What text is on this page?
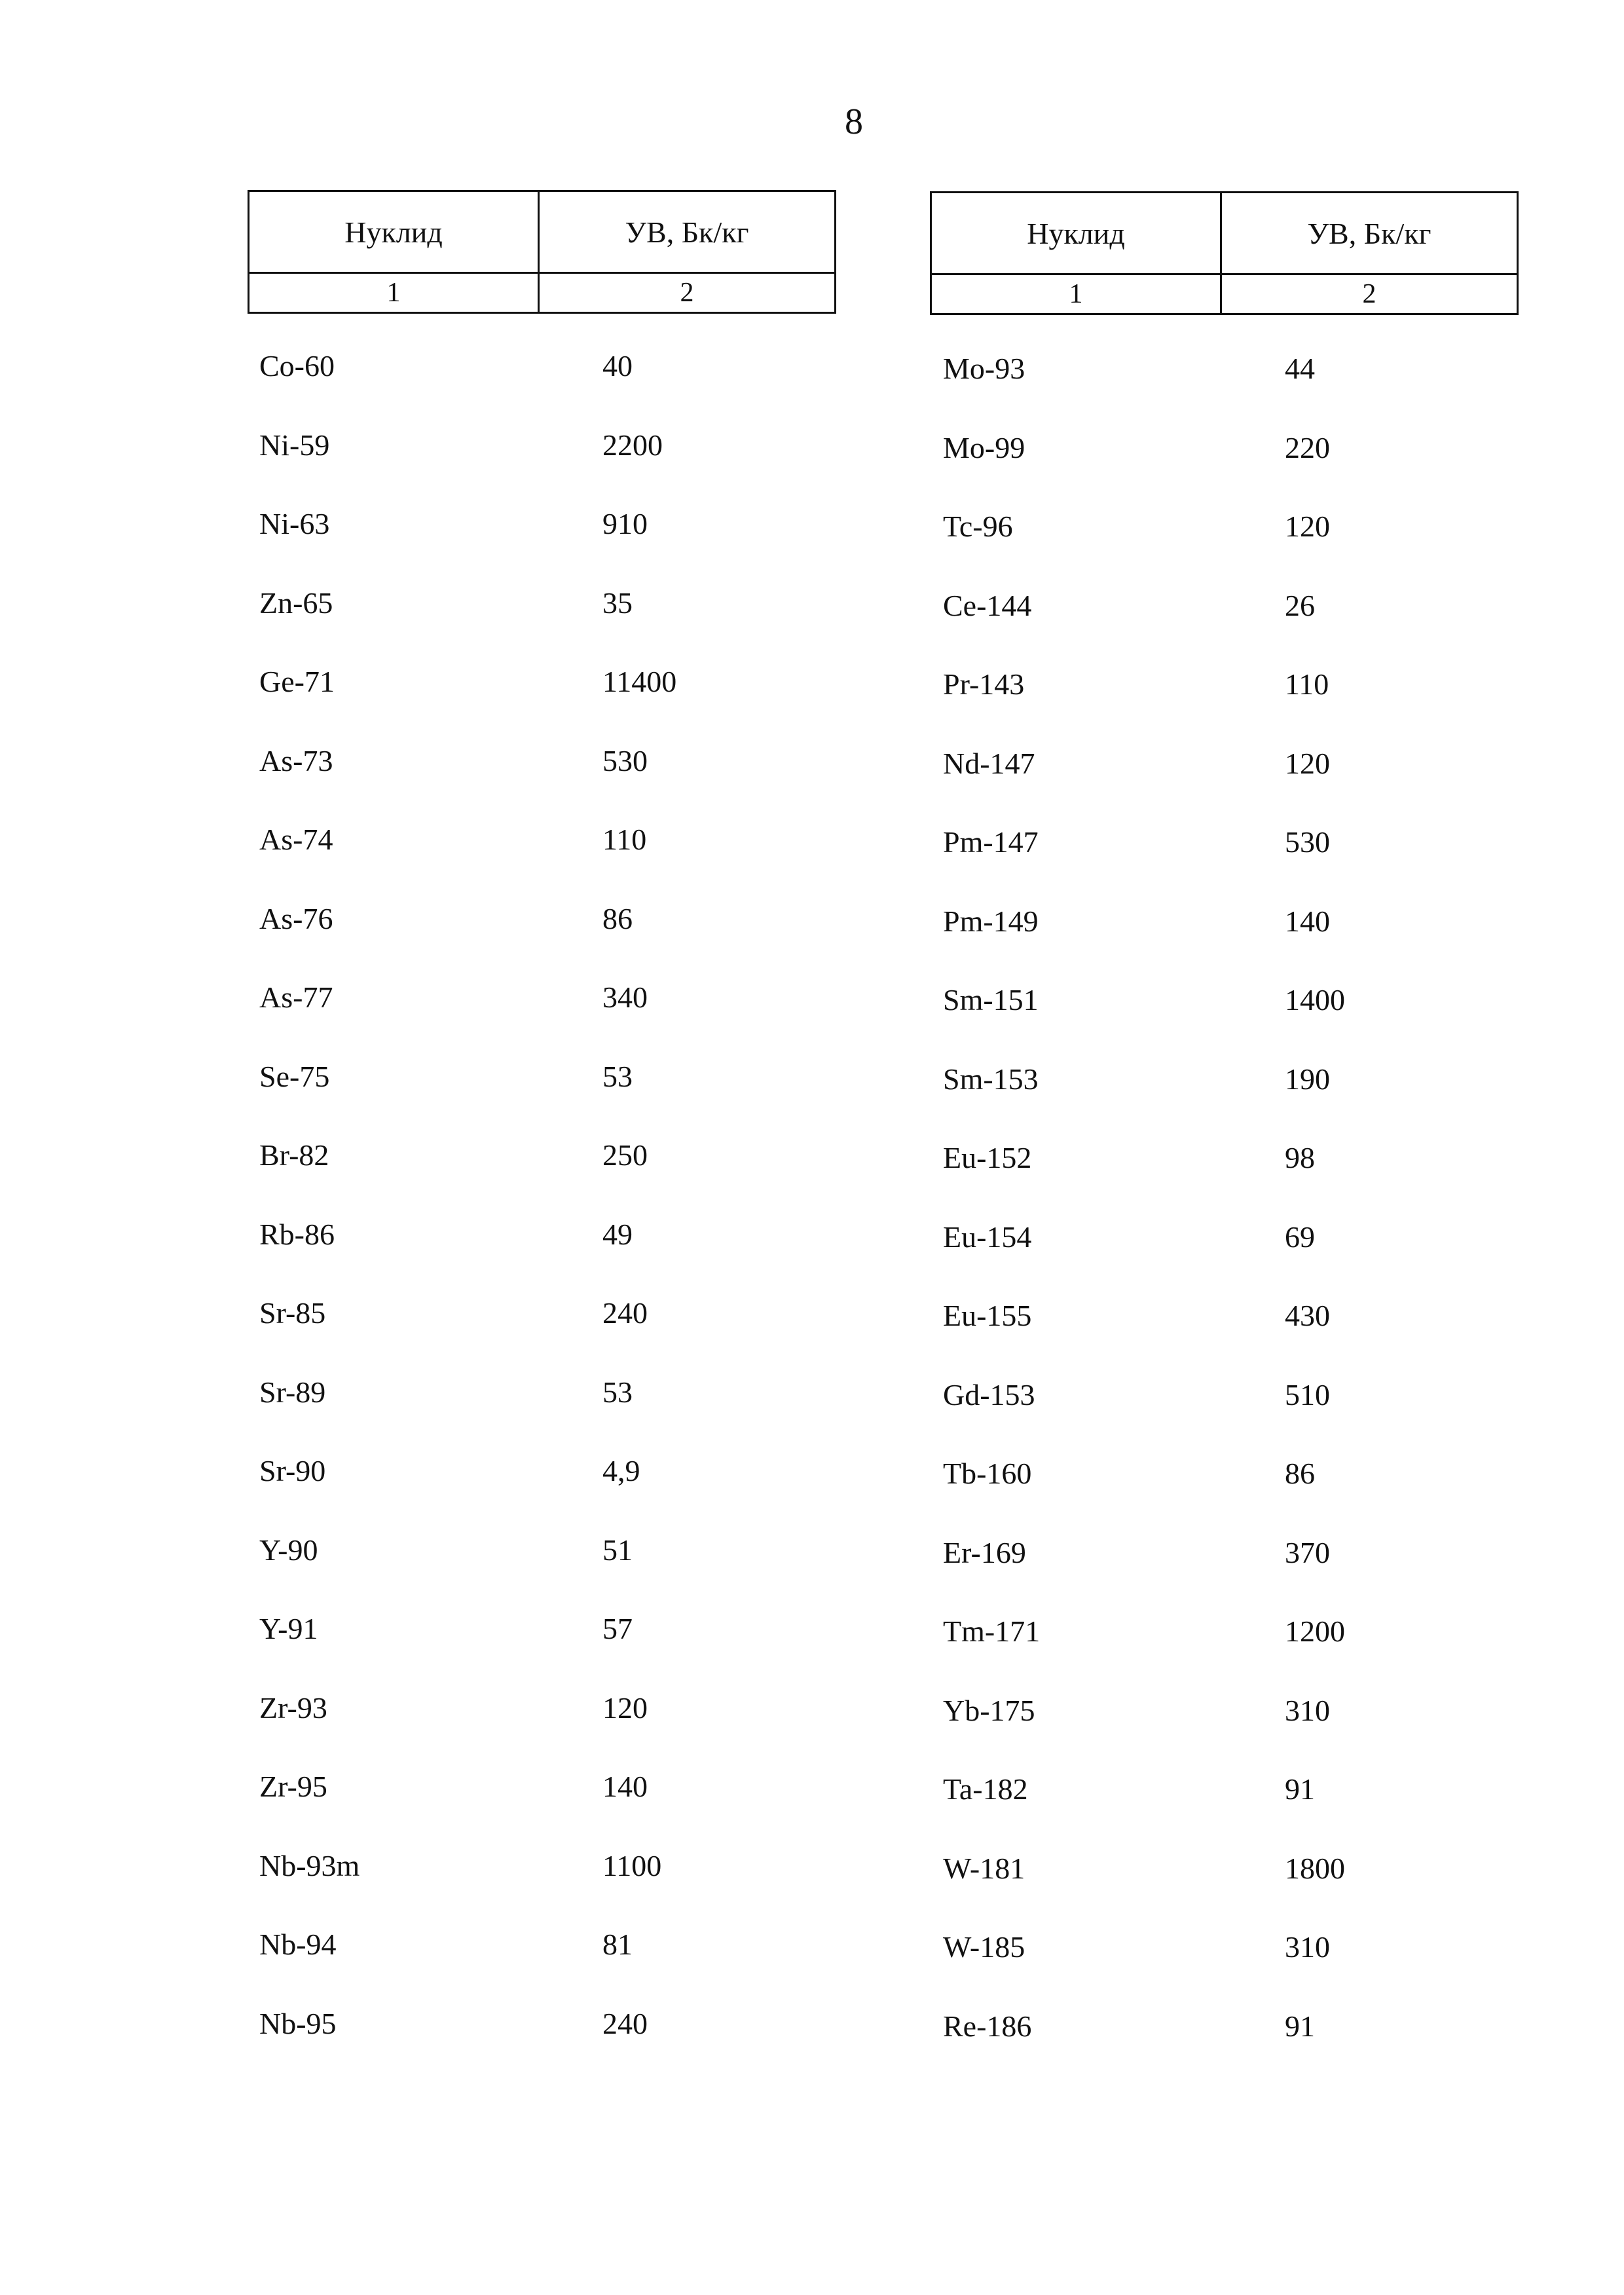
8
Нуклид	УВ, Бк/кг
1	2
Нуклид	УВ, Бк/кг
1	2
Co-60	40
Ni-59	2200
Ni-63	910
Zn-65	35
Ge-71	11400
As-73	530
As-74	110
As-76	86
As-77	340
Se-75	53
Br-82	250
Rb-86	49
Sr-85	240
Sr-89	53
Sr-90	4,9
Y-90	51
Y-91	57
Zr-93	120
Zr-95	140
Nb-93m	1100
Nb-94	81
Nb-95	240
Mo-93	44
Mo-99	220
Tc-96	120
Ce-144	26
Pr-143	110
Nd-147	120
Pm-147	530
Pm-149	140
Sm-151	1400
Sm-153	190
Eu-152	98
Eu-154	69
Eu-155	430
Gd-153	510
Tb-160	86
Er-169	370
Tm-171	1200
Yb-175	310
Ta-182	91
W-181	1800
W-185	310
Re-186	91
